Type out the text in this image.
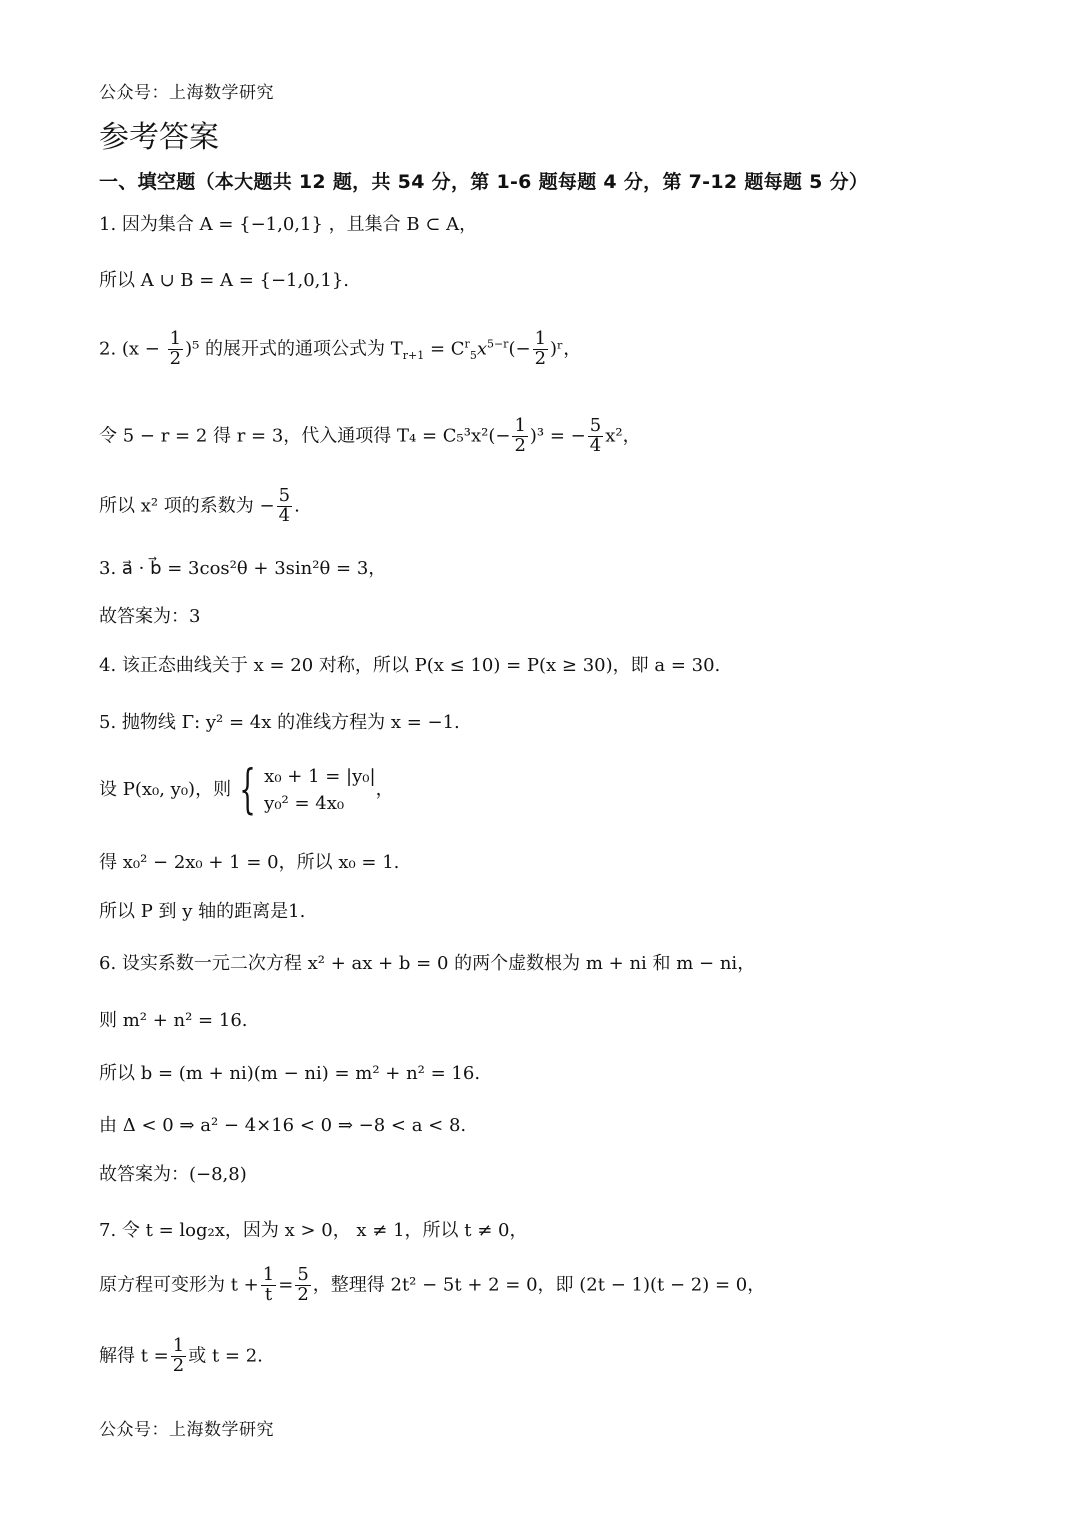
公众号：上海数学研究
参考答案
一、填空题（本大题共 12 题，共 54 分，第 1-6 题每题 4 分，第 7-12 题每题 5 分）
1. 因为集合 A = {−1,0,1} ，且集合 B ⊂ A，
所以 A ∪ B = A = {−1,0,1}.
2. $(x - \frac{1}{2} )^5$ 的展开式的通项公式为 $T_{r+1} = C^r_5x^{5-r}(- \frac{1}{2}$ )ʳ，
令 5 − r = 2 得 r = 3，代入通项得 $T_4 = C_5^3x^2(- \frac{1}{2} )^3$ = − $\frac{5}{4} x^2$，
所以 x² 项的系数为 − $\frac{5}{4}$ .
3. a⃗ · b⃗ = 3cos²θ + 3sin²θ = 3，
故答案为：3
4. 该正态曲线关于 x = 20 对称，所以 P(x ≤ 10) = P(x ≥ 30)，即 a = 30.
5. 抛物线 Γ: y² = 4x 的准线方程为 x = −1.
设 P(x₀, y₀)，则 { x₀ + 1 = |y₀|
y₀² = 4x₀
，
得 x₀² − 2x₀ + 1 = 0，所以 x₀ = 1.
所以 P 到 y 轴的距离是1.
6. 设实系数一元二次方程 x² + ax + b = 0 的两个虚数根为 m + ni 和 m − ni，
则 m² + n² = 16.
所以 b = (m + ni)(m − ni) = m² + n² = 16.
由 Δ < 0 ⇒ a² − 4×16 < 0 ⇒ −8 < a < 8.
故答案为：(−8,8)
7. 令 t = log₂x，因为 x > 0， x ≠ 1，所以 t ≠ 0，
原方程可变形为 $t + \frac{1}{t} = \frac{5}{2}$ ，整理得 2t² − 5t + 2 = 0，即 (2t − 1)(t − 2) = 0，
解得 $t = \frac{1}{2}$ 或 t = 2.
公众号：上海数学研究
